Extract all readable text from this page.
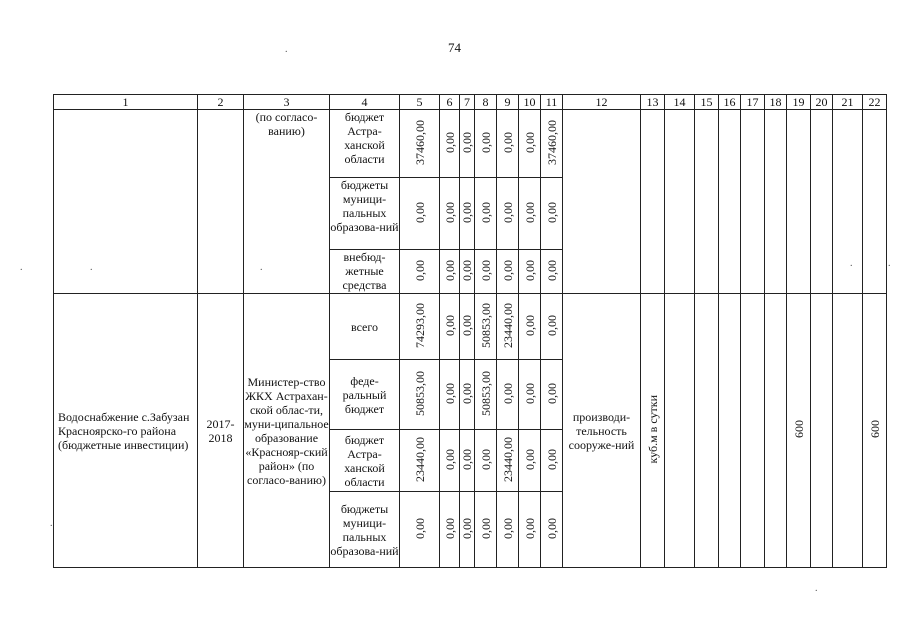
74
.
.
.
.	.	.
.
.
1	2	3	4	5	6	7	8	9	10	11	12	13	14	15	16	17	18	19	20	21	22
		(по согласо-ванию)	бюджет Астра-ханской области	37460,00	0,00	0,00	0,00	0,00	0,00	37460,00											
			бюджеты муници-пальных образова-ний	0,00	0,00	0,00	0,00	0,00	0,00	0,00											
			внебюд-жетные средства	0,00	0,00	0,00	0,00	0,00	0,00	0,00											
Водоснабжение с.Забузан Красноярско-го района (бюджетные инвестиции)	2017-2018	Министер-ство ЖКХ Астрахан-ской облас-ти, муни-ципальное образование «Краснояр-ский район» (по согласо-ванию)	всего	74293,00	0,00	0,00	50853,00	23440,00	0,00	0,00	производи-тельность сооруже-ний	куб.м в сутки						600			600
			феде-ральный бюджет	50853,00	0,00	0,00	50853,00	0,00	0,00	0,00											
			бюджет Астра-ханской области	23440,00	0,00	0,00	0,00	23440,00	0,00	0,00											
			бюджеты муници-пальных образова-ний	0,00	0,00	0,00	0,00	0,00	0,00	0,00											
